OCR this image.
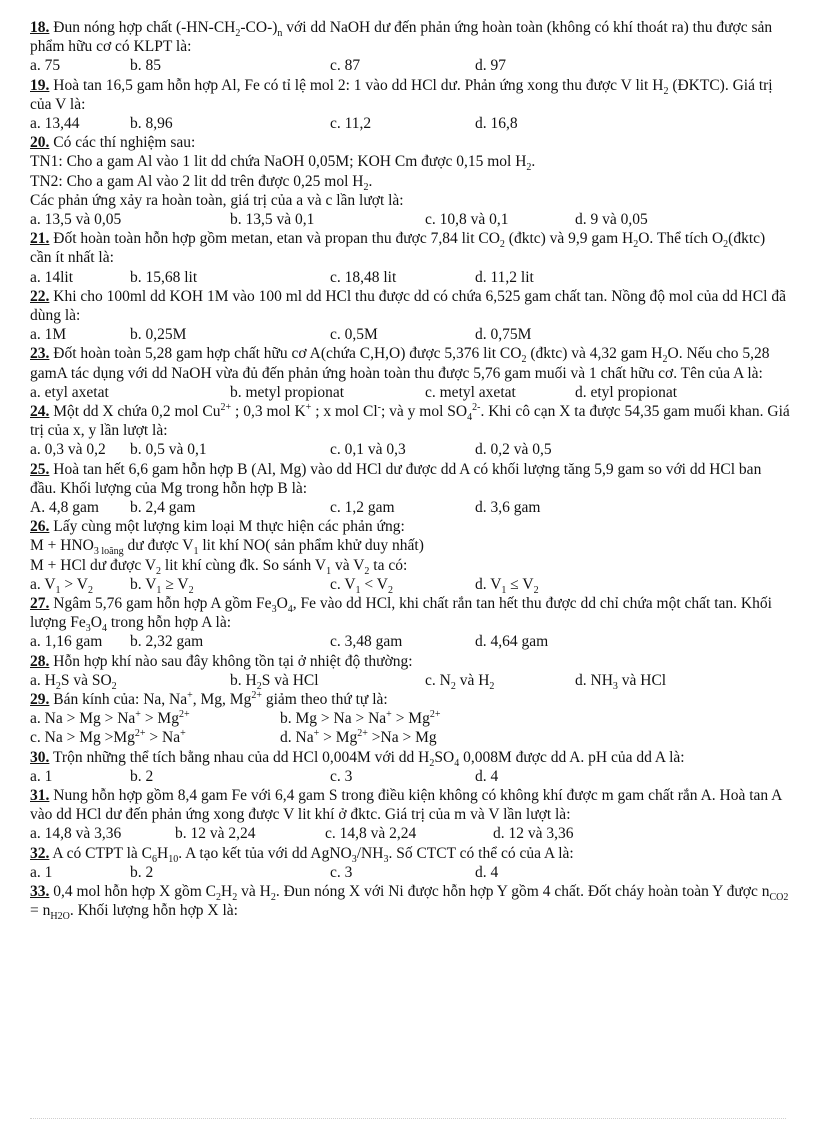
18. Đun nóng hợp chất $(-HN-CH_2-CO-)_n$ với dd NaOH dư đến phản ứng hoàn toàn (không có khí thoát ra) thu được sản phẩm hữu cơ có KLPT là:
a. 75	b. 85	c. 87	d. 97
19. Hoà tan 16,5 gam hỗn hợp Al, Fe có tỉ lệ mol 2: 1 vào dd HCl dư. Phản ứng xong thu được V lit $H_2$ (ĐKTC). Giá trị của V là:
a. 13,44	b. 8,96	c. 11,2	d. 16,8
20. Có các thí nghiệm sau:
TN1: Cho a gam Al vào 1 lit dd chứa NaOH 0,05M; KOH Cm được 0,15 mol $H_2$.
TN2: Cho a gam Al vào 2 lit dd trên được 0,25 mol $H_2$.
Các phản ứng xảy ra hoàn toàn, giá trị của a và c lần lượt là:
a. 13,5 và 0,05	b. 13,5 và 0,1	c. 10,8 và 0,1	d. 9 và 0,05
21. Đốt hoàn toàn hỗn hợp gồm metan, etan và propan thu được 7,84 lit $CO_2$ (đktc) và 9,9 gam $H_2O$. Thể tích $O_2(đktc)$ cần ít nhất là:
a. 14lit	b. 15,68 lit	c. 18,48 lit	d. 11,2 lit
22. Khi cho 100ml dd KOH 1M vào 100 ml dd HCl thu được dd có chứa 6,525 gam chất tan. Nồng độ mol của dd HCl đã dùng là:
a. 1M	b. 0,25M	c. 0,5M	d. 0,75M
23. Đốt hoàn toàn 5,28 gam hợp chất hữu cơ A(chứa C,H,O) được 5,376 lit $CO_2$ (đktc) và 4,32 gam $H_2O$. Nếu cho 5,28 gamA tác dụng với dd NaOH vừa đủ đến phản ứng hoàn toàn thu được 5,76 gam muối và 1 chất hữu cơ. Tên của A là:
a. etyl axetat	b. metyl propionat	c. metyl axetat	d. etyl propionat
24. Một dd X chứa 0,2 mol $Cu^{2+}$ ; 0,3 mol K+ ; x mol Cl-; và y mol $SO_4^{2-}$. Khi cô cạn X ta được 54,35 gam muối khan. Giá trị của x, y lần lượt là:
a. 0,3 và 0,2 b. 0,5 và 0,1	c. 0,1 và 0,3	d. 0,2 và 0,5
25. Hoà tan hết 6,6 gam hỗn hợp B (Al, Mg) vào dd HCl dư được dd A có khối lượng tăng 5,9 gam so với dd HCl ban đầu. Khối lượng của Mg trong hỗn hợp B là:
A. 4,8 gam b. 2,4 gam	c. 1,2 gam	d. 3,6 gam
26. Lấy cùng một lượng kim loại M thực hiện các phản ứng:
$M + HNO_{3 loãng}$ dư được $V_1$ lit khí NO( sản phẩm khử duy nhất)
M + HCl dư được $V_2$ lit khí cùng đk. So sánh $V_1$ và $V_2$ ta có:
a. $V_1 > V_2$ b. $V_1 \ge V_2$	c. $V_1 < V_2$	d. $V_1 \le V_2$
27. Ngâm 5,76 gam hỗn hợp A gồm $Fe_3O_4$, Fe vào dd HCl, khi chất rắn tan hết thu được dd chỉ chứa một chất tan. Khối lượng $Fe_3O_4$ trong hỗn hợp A là:
a. 1,16 gam b. 2,32 gam	c. 3,48 gam	d. 4,64 gam
28. Hỗn hợp khí nào sau đây không tồn tại ở nhiệt độ thường:
a. $H_2S$ và $SO_2$	b. $H_2S$ và HCl	c. $N_2$ và $H_2$	d. $NH_3$ và HCl
29. Bán kính của: Na, Na+, Mg, $Mg^{2+}$ giảm theo thứ tự là:
a. $Na > Mg > Na^+ > Mg^{2+}$	b. $Mg > Na > Na^+ > Mg^{2+}$
c. $Na > Mg >Mg^{2+} > Na^+$	d. $Na^+ > Mg^{2+} >Na > Mg$
30. Trộn những thể tích bằng nhau của dd HCl 0,004M với dd $H_2SO_4$ 0,008M được dd A. pH của dd A là:
a. 1	b. 2	c. 3	d. 4
31. Nung hỗn hợp gồm 8,4 gam Fe với 6,4 gam S trong điều kiện không có không khí được m gam chất rắn A. Hoà tan A vào dd HCl dư đến phản ứng xong được V lit khí ở đktc. Giá trị của m và V lần lượt là:
a. 14,8 và 3,36	b. 12 và 2,24	c. 14,8 và 2,24	d. 12 và 3,36
32. A có CTPT là $C_6H_{10}$. A tạo kết tủa với dd $AgNO_3/NH_3$. Số CTCT có thể có của A là:
a. 1	b. 2	c. 3	d. 4
33. 0,4 mol hỗn hợp X gồm $C_2H_2$ và $H_2$. Đun nóng X với Ni được hỗn hợp Y gồm 4 chất. Đốt cháy hoàn toàn Y được $n_{CO2} = n_{H2O}$. Khối lượng hỗn hợp X là:
